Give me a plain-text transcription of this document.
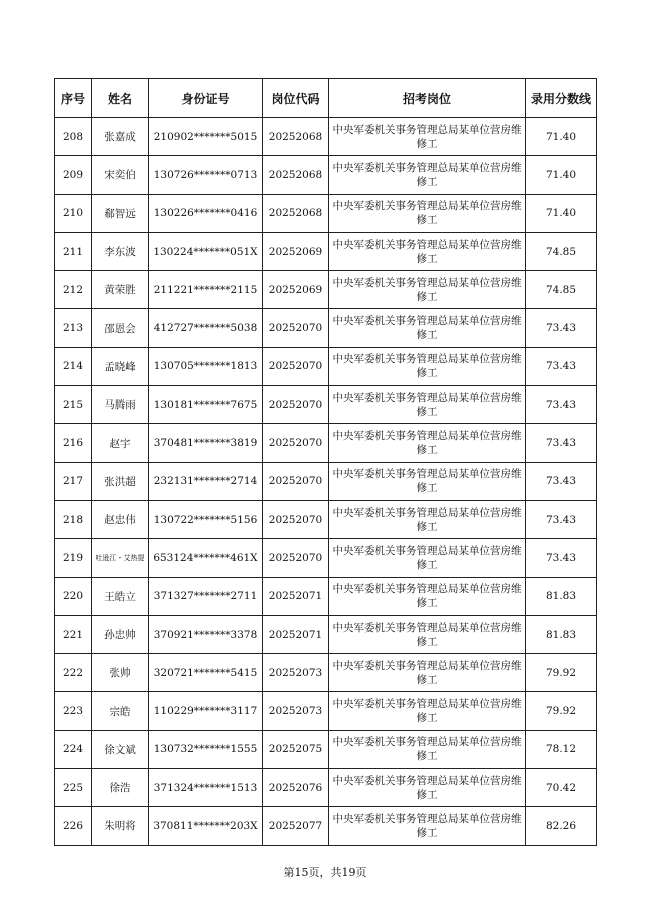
序号	姓名	身份证号	岗位代码	招考岗位	录用分数线
208	张嘉成	210902*******5015	20252068	中央军委机关事务管理总局某单位营房维修工	71.40
209	宋奕伯	130726*******0713	20252068	中央军委机关事务管理总局某单位营房维修工	71.40
210	郗智远	130226*******0416	20252068	中央军委机关事务管理总局某单位营房维修工	71.40
211	李东波	130224*******051X	20252069	中央军委机关事务管理总局某单位营房维修工	74.85
212	黄荣胜	211221*******2115	20252069	中央军委机关事务管理总局某单位营房维修工	74.85
213	邵恩会	412727*******5038	20252070	中央军委机关事务管理总局某单位营房维修工	73.43
214	孟晓峰	130705*******1813	20252070	中央军委机关事务管理总局某单位营房维修工	73.43
215	马腾雨	130181*******7675	20252070	中央军委机关事务管理总局某单位营房维修工	73.43
216	赵宇	370481*******3819	20252070	中央军委机关事务管理总局某单位营房维修工	73.43
217	张洪超	232131*******2714	20252070	中央军委机关事务管理总局某单位营房维修工	73.43
218	赵忠伟	130722*******5156	20252070	中央军委机关事务管理总局某单位营房维修工	73.43
219	吐逊江・艾热提	653124*******461X	20252070	中央军委机关事务管理总局某单位营房维修工	73.43
220	王皓立	371327*******2711	20252071	中央军委机关事务管理总局某单位营房维修工	81.83
221	孙忠帅	370921*******3378	20252071	中央军委机关事务管理总局某单位营房维修工	81.83
222	张帅	320721*******5415	20252073	中央军委机关事务管理总局某单位营房维修工	79.92
223	宗皓	110229*******3117	20252073	中央军委机关事务管理总局某单位营房维修工	79.92
224	徐文斌	130732*******1555	20252075	中央军委机关事务管理总局某单位营房维修工	78.12
225	徐浩	371324*******1513	20252076	中央军委机关事务管理总局某单位营房维修工	70.42
226	朱明将	370811*******203X	20252077	中央军委机关事务管理总局某单位营房维修工	82.26
第15页，共19页
